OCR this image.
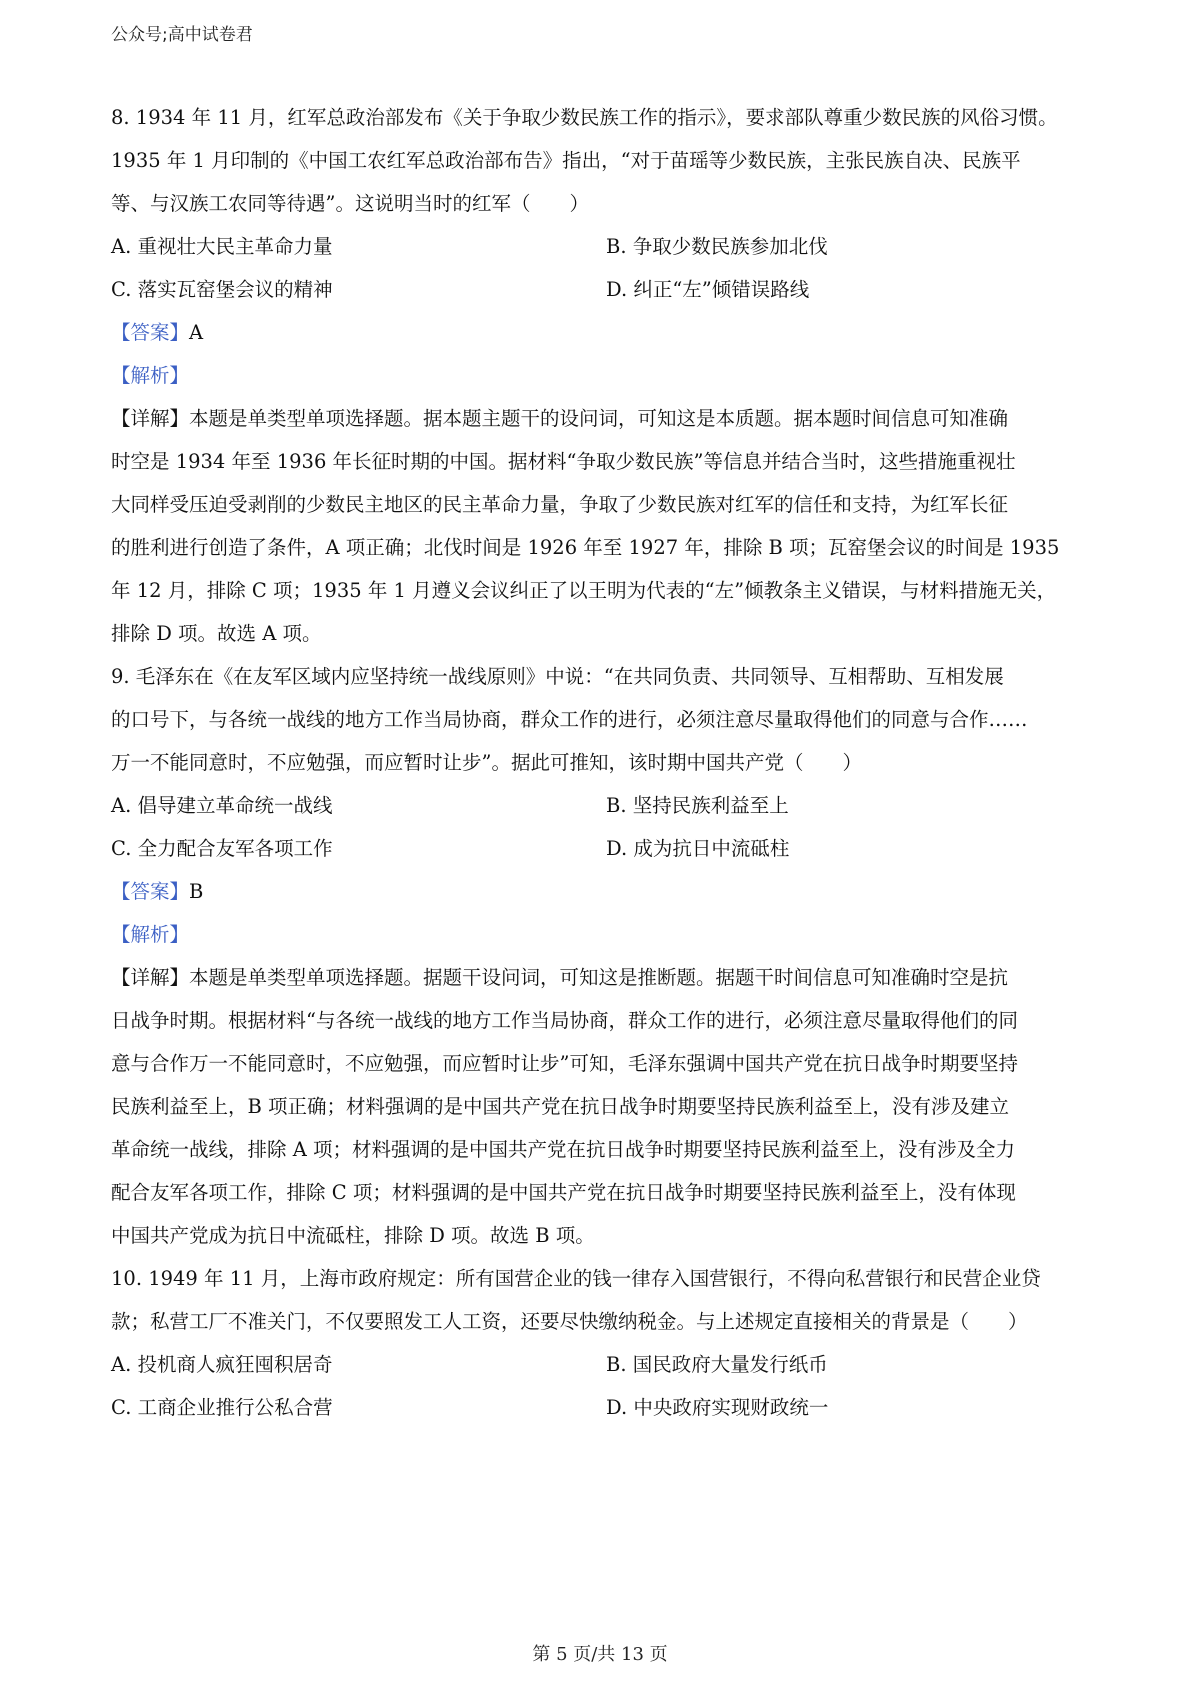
公众号;高中试卷君

8. 1934 年 11 月，红军总政治部发布《关于争取少数民族工作的指示》，要求部队尊重少数民族的风俗习惯。

1935 年 1 月印制的《中国工农红军总政治部布告》指出，“对于苗瑶等少数民族，主张民族自决、民族平

等、与汉族工农同等待遇”。这说明当时的红军（　　）

A. 重视壮大民主革命力量	B. 争取少数民族参加北伐
C. 落实瓦窑堡会议的精神	D. 纠正“左”倾错误路线

【答案】A

【解析】

【详解】本题是单类型单项选择题。据本题主题干的设问词，可知这是本质题。据本题时间信息可知准确

时空是 1934 年至 1936 年长征时期的中国。据材料“争取少数民族”等信息并结合当时，这些措施重视壮

大同样受压迫受剥削的少数民主地区的民主革命力量，争取了少数民族对红军的信任和支持，为红军长征

的胜利进行创造了条件，A 项正确；北伐时间是 1926 年至 1927 年，排除 B 项；瓦窑堡会议的时间是 1935

年 12 月，排除 C 项；1935 年 1 月遵义会议纠正了以王明为代表的“左”倾教条主义错误，与材料措施无关，

排除 D 项。故选 A 项。

9. 毛泽东在《在友军区域内应坚持统一战线原则》中说：“在共同负责、共同领导、互相帮助、互相发展

的口号下，与各统一战线的地方工作当局协商，群众工作的进行，必须注意尽量取得他们的同意与合作……

万一不能同意时，不应勉强，而应暂时让步”。据此可推知，该时期中国共产党（　　）

A. 倡导建立革命统一战线	B. 坚持民族利益至上
C. 全力配合友军各项工作	D. 成为抗日中流砥柱

【答案】B

【解析】

【详解】本题是单类型单项选择题。据题干设问词，可知这是推断题。据题干时间信息可知准确时空是抗

日战争时期。根据材料“与各统一战线的地方工作当局协商，群众工作的进行，必须注意尽量取得他们的同

意与合作万一不能同意时，不应勉强，而应暂时让步”可知，毛泽东强调中国共产党在抗日战争时期要坚持

民族利益至上，B 项正确；材料强调的是中国共产党在抗日战争时期要坚持民族利益至上，没有涉及建立

革命统一战线，排除 A 项；材料强调的是中国共产党在抗日战争时期要坚持民族利益至上，没有涉及全力

配合友军各项工作，排除 C 项；材料强调的是中国共产党在抗日战争时期要坚持民族利益至上，没有体现

中国共产党成为抗日中流砥柱，排除 D 项。故选 B 项。

10. 1949 年 11 月，上海市政府规定：所有国营企业的钱一律存入国营银行，不得向私营银行和民营企业贷

款；私营工厂不准关门，不仅要照发工人工资，还要尽快缴纳税金。与上述规定直接相关的背景是（　　）

A. 投机商人疯狂囤积居奇	B. 国民政府大量发行纸币
C. 工商企业推行公私合营	D. 中央政府实现财政统一
第 5 页/共 13 页
